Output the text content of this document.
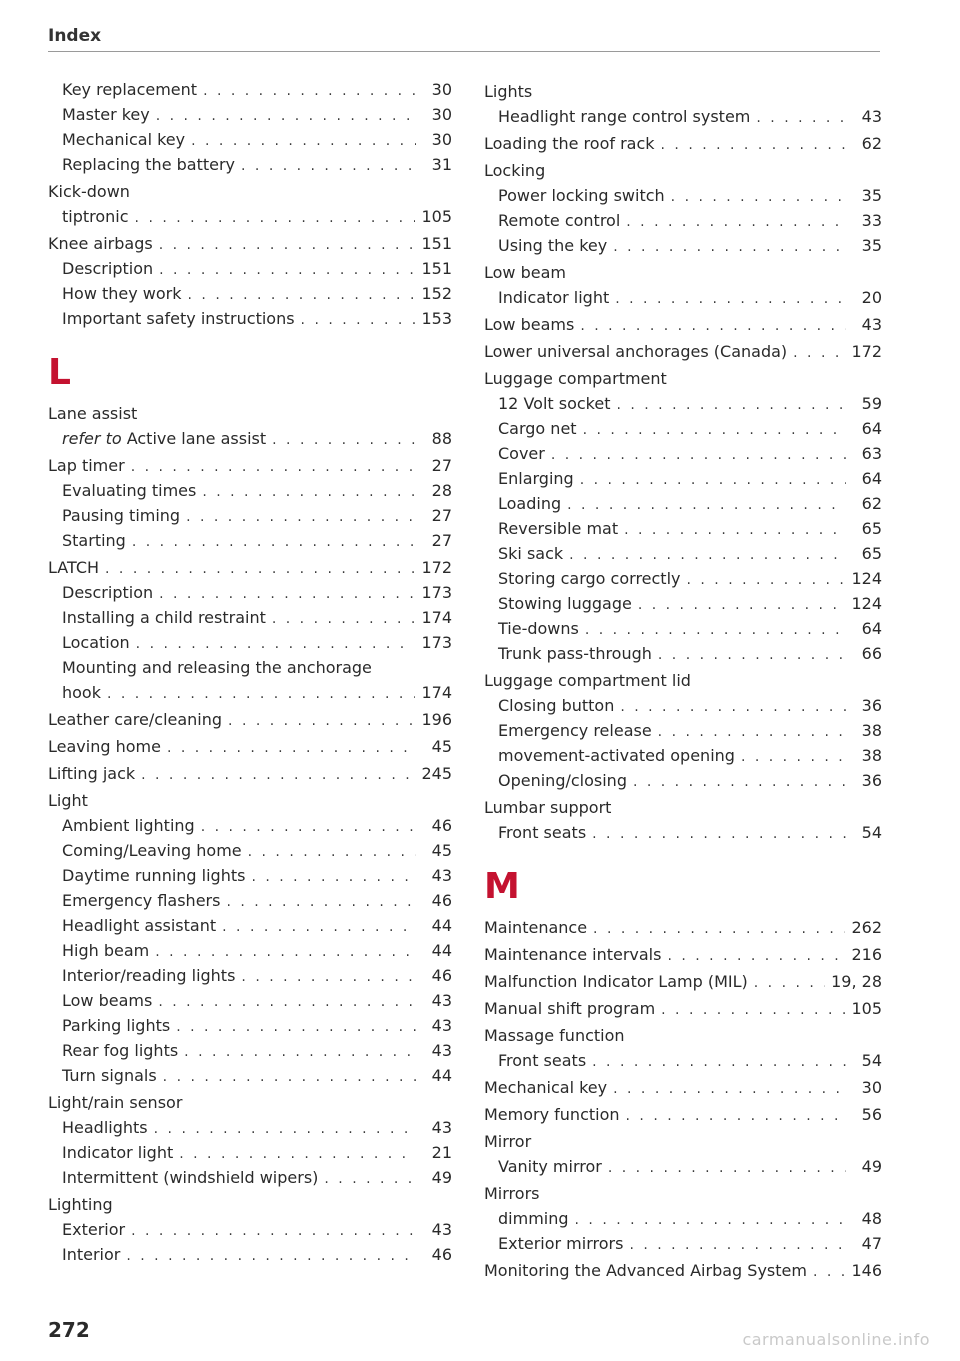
Index
Key replacement . . .	30
Master key . . .	30
Mechanical key . . .	30
Replacing the battery . . .	31
Kick-down
tiptronic . . .	105
Knee airbags . . .	151
Description . . .	151
How they work . . .	152
Important safety instructions . . .	153
L
Lane assist
refer to Active lane assist . . .	88
Lap timer . . .	27
Evaluating times . . .	28
Pausing timing . . .	27
Starting . . .	27
LATCH . . .	172
Description . . .	173
Installing a child restraint . . .	174
Location . . .	173
Mounting and releasing the anchorage
hook . . .	174
Leather care/cleaning . . .	196
Leaving home . . .	45
Lifting jack . . .	245
Light
Ambient lighting . . .	46
Coming/Leaving home . . .	45
Daytime running lights . . .	43
Emergency flashers . . .	46
Headlight assistant . . .	44
High beam . . .	44
Interior/reading lights . . .	46
Low beams . . .	43
Parking lights . . .	43
Rear fog lights . . .	43
Turn signals . . .	44
Light/rain sensor
Headlights . . .	43
Indicator light . . .	21
Intermittent (windshield wipers) . . .	49
Lighting
Exterior . . .	43
Interior . . .	46
Lights
Headlight range control system . . .	43
Loading the roof rack . . .	62
Locking
Power locking switch . . .	35
Remote control . . .	33
Using the key . . .	35
Low beam
Indicator light . . .	20
Low beams . . .	43
Lower universal anchorages (Canada) . . .	172
Luggage compartment
12 Volt socket . . .	59
Cargo net . . .	64
Cover . . .	63
Enlarging . . .	64
Loading . . .	62
Reversible mat . . .	65
Ski sack . . .	65
Storing cargo correctly . . .	124
Stowing luggage . . .	124
Tie-downs . . .	64
Trunk pass-through . . .	66
Luggage compartment lid
Closing button . . .	36
Emergency release . . .	38
movement-activated opening . . .	38
Opening/closing . . .	36
Lumbar support
Front seats . . .	54
M
Maintenance . . .	262
Maintenance intervals . . .	216
Malfunction Indicator Lamp (MIL) . . .	19, 28
Manual shift program . . .	105
Massage function
Front seats . . .	54
Mechanical key . . .	30
Memory function . . .	56
Mirror
Vanity mirror . . .	49
Mirrors
dimming . . .	48
Exterior mirrors . . .	47
Monitoring the Advanced Airbag System . . .	146
272	carmanualsonline.info
